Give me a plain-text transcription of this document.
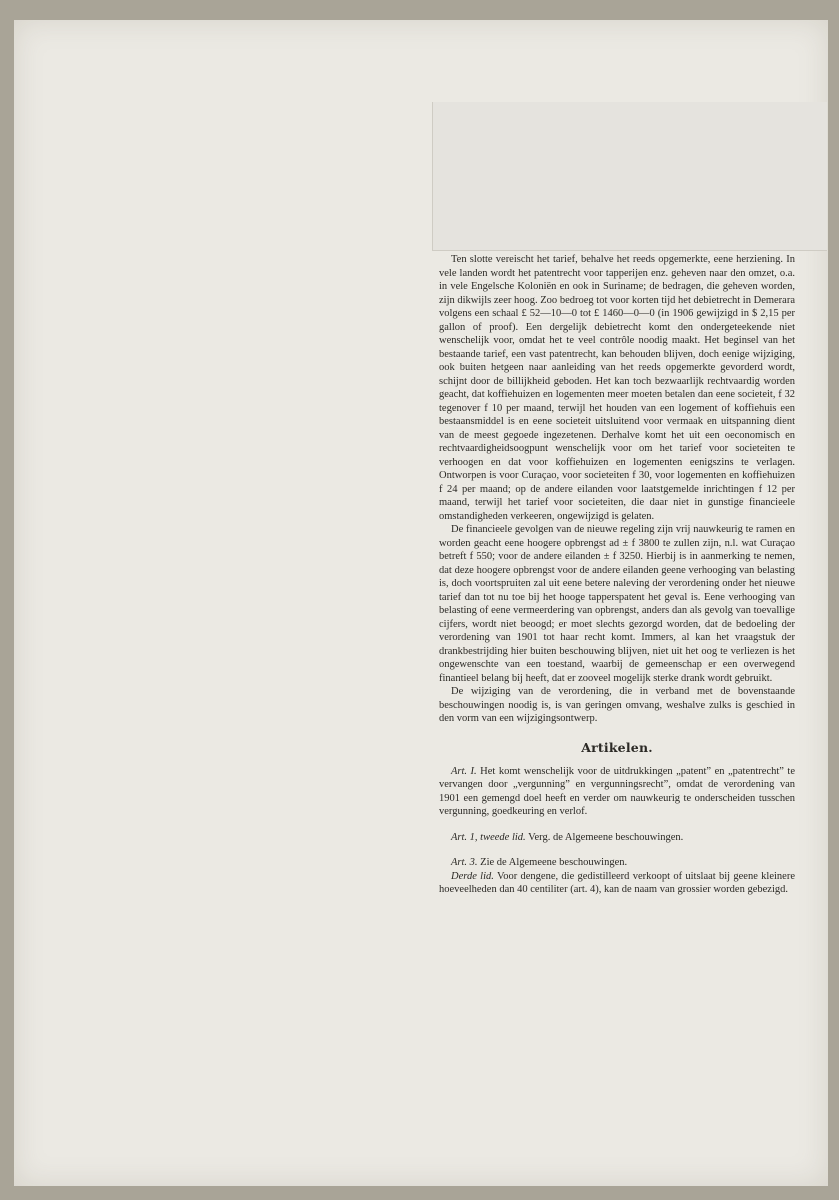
Ten slotte vereischt het tarief, behalve het reeds opgemerkte, eene herziening. In vele landen wordt het patentrecht voor tapperijen enz. geheven naar den omzet, o.a. in vele Engelsche Koloniën en ook in Suriname; de bedragen, die geheven worden, zijn dikwijls zeer hoog. Zoo bedroeg tot voor korten tijd het debietrecht in Demerara volgens een schaal £ 52—10—0 tot £ 1460—0—0 (in 1906 gewijzigd in $ 2,15 per gallon of proof). Een dergelijk debietrecht komt den ondergeteekende niet wenschelijk voor, omdat het te veel contrôle noodig maakt. Het beginsel van het bestaande tarief, een vast patentrecht, kan behouden blijven, doch eenige wijziging, ook buiten hetgeen naar aanleiding van het reeds opgemerkte gevorderd wordt, schijnt door de billijkheid geboden. Het kan toch bezwaarlijk rechtvaardig worden geacht, dat koffiehuizen en logementen meer moeten betalen dan eene societeit, f 32 tegenover f 10 per maand, terwijl het houden van een logement of koffiehuis een bestaansmiddel is en eene societeit uitsluitend voor vermaak en uitspanning dient van de meest gegoede ingezetenen. Derhalve komt het uit een oeconomisch en rechtvaardigheidsoogpunt wenschelijk voor om het tarief voor societeiten te verhoogen en dat voor koffiehuizen en logementen eenigszins te verlagen. Ontworpen is voor Curaçao, voor societeiten f 30, voor logementen en koffiehuizen f 24 per maand; op de andere eilanden voor laatstgemelde inrichtingen f 12 per maand, terwijl het tarief voor societeiten, die daar niet in gunstige financieele omstandigheden verkeeren, ongewijzigd is gelaten.

De financieele gevolgen van de nieuwe regeling zijn vrij nauwkeurig te ramen en worden geacht eene hoogere opbrengst ad ± f 3800 te zullen zijn, n.l. wat Curaçao betreft f 550; voor de andere eilanden ± f 3250. Hierbij is in aanmerking te nemen, dat deze hoogere opbrengst voor de andere eilanden geene verhooging van belasting is, doch voortspruiten zal uit eene betere naleving der verordening onder het nieuwe tarief dan tot nu toe bij het hooge tapperspatent het geval is. Eene verhooging van belasting of eene vermeerdering van opbrengst, anders dan als gevolg van toevallige cijfers, wordt niet beoogd; er moet slechts gezorgd worden, dat de bedoeling der verordening van 1901 tot haar recht komt. Immers, al kan het vraagstuk der drankbestrijding hier buiten beschouwing blijven, niet uit het oog te verliezen is het ongewenschte van een toestand, waarbij de gemeenschap er een overwegend finantieel belang bij heeft, dat er zooveel mogelijk sterke drank wordt gebruikt.

De wijziging van de verordening, die in verband met de bovenstaande beschouwingen noodig is, is van geringen omvang, weshalve zulks is geschied in den vorm van een wijzigingsontwerp.

Artikelen.

Art. I. Het komt wenschelijk voor de uitdrukkingen „patent” en „patentrecht” te vervangen door „vergunning” en vergunningsrecht”, omdat de verordening van 1901 een gemengd doel heeft en verder om nauwkeurig te onderscheiden tusschen vergunning, goedkeuring en verlof.

Art. 1, tweede lid. Verg. de Algemeene beschouwingen.

Art. 3. Zie de Algemeene beschouwingen.

Derde lid. Voor dengene, die gedistilleerd verkoopt of uitslaat bij geene kleinere hoeveelheden dan 40 centiliter (art. 4), kan de naam van grossier worden gebezigd.
